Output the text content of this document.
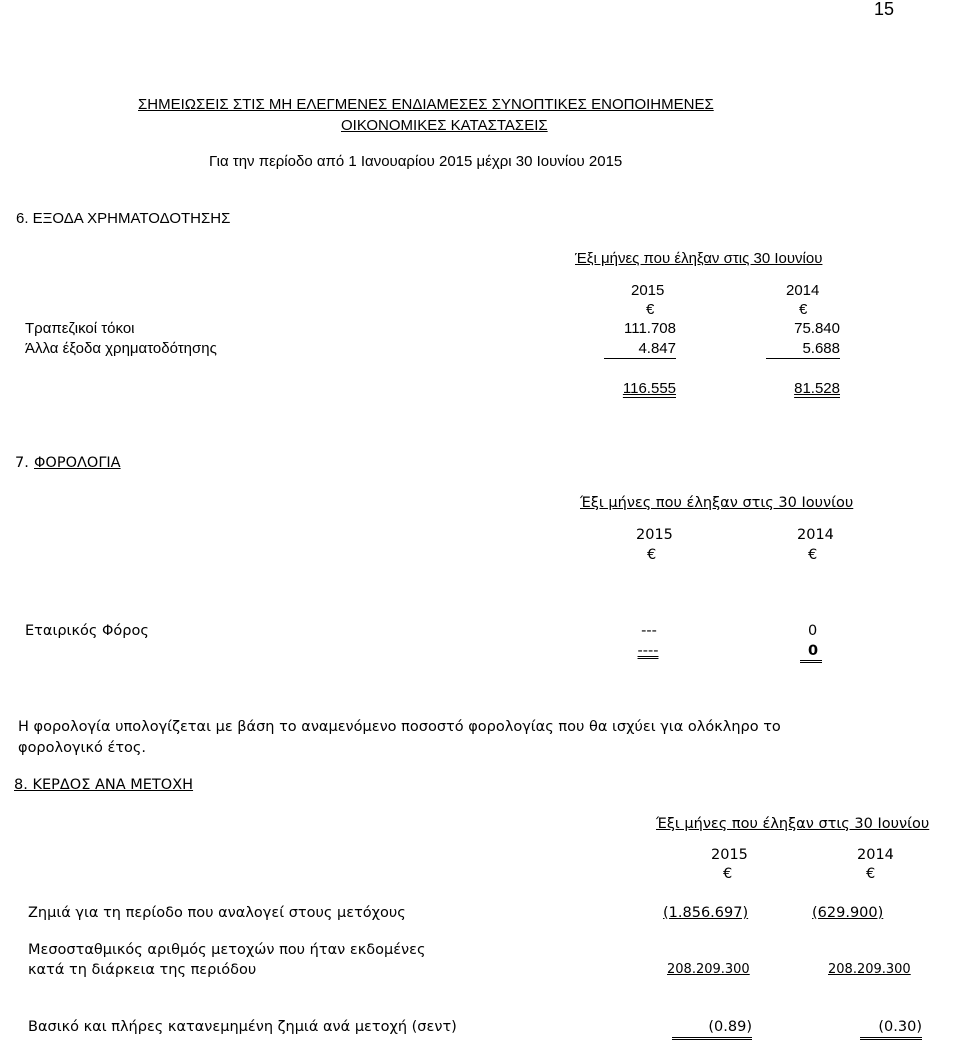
15
ΣΗΜΕΙΩΣΕΙΣ ΣΤΙΣ ΜΗ ΕΛΕΓΜΕΝΕΣ ΕΝΔΙΑΜΕΣΕΣ ΣΥΝΟΠΤΙΚΕΣ ΕΝΟΠΟΙΗΜΕΝΕΣ
ΟΙΚΟΝΟΜΙΚΕΣ ΚΑΤΑΣΤΑΣΕΙΣ
Για την περίοδο από 1 Ιανουαρίου 2015 μέχρι 30 Ιουνίου 2015
6. ΕΞΟΔΑ ΧΡΗΜΑΤΟΔΟΤΗΣΗΣ
Έξι μήνες που έληξαν στις 30 Ιουνίου
2015	2014
€	€
Τραπεζικοί τόκοι	111.708	75.840
Άλλα έξοδα χρηματοδότησης	4.847	5.688
116.555	81.528
7. ΦΟΡΟΛΟΓΙΑ
Έξι μήνες που έληξαν στις 30 Ιουνίου
2015	2014
€	€
Εταιρικός Φόρος	---	0
----	0
Η φορολογία υπολογίζεται με βάση το αναμενόμενο ποσοστό φορολογίας που θα ισχύει για ολόκληρο το
φορολογικό έτος.
8. ΚΕΡΔΟΣ ΑΝΑ ΜΕΤΟΧΗ
Έξι μήνες που έληξαν στις 30 Ιουνίου
2015	2014
€	€
Ζημιά για τη περίοδο που αναλογεί στους μετόχους	(1.856.697)	(629.900)
Μεσοσταθμικός αριθμός μετοχών που ήταν εκδομένες
κατά τη διάρκεια της περιόδου	208.209.300	208.209.300
Βασικό και πλήρες κατανεμημένη ζημιά ανά μετοχή (σεντ)	(0.89)	(0.30)
